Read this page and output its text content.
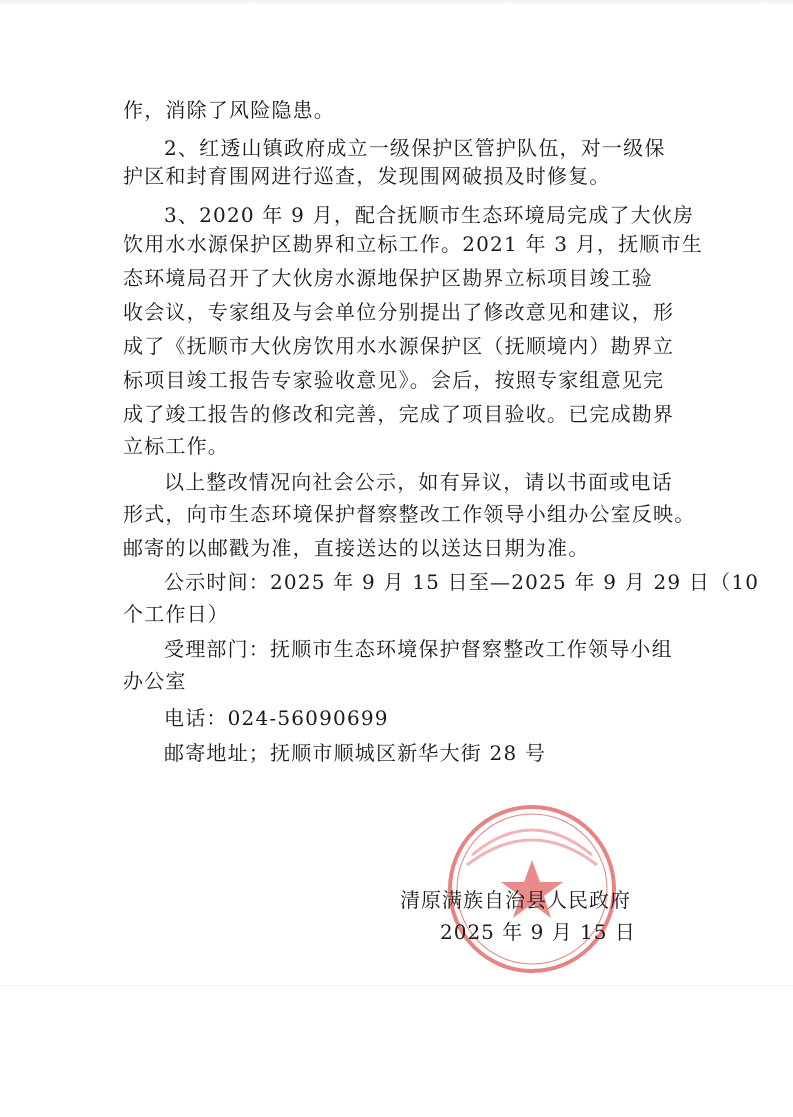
作，消除了风险隐患。
2、红透山镇政府成立一级保护区管护队伍，对一级保
护区和封育围网进行巡查，发现围网破损及时修复。
3、2020 年 9 月，配合抚顺市生态环境局完成了大伙房
饮用水水源保护区勘界和立标工作。2021 年 3 月，抚顺市生
态环境局召开了大伙房水源地保护区勘界立标项目竣工验
收会议，专家组及与会单位分别提出了修改意见和建议，形
成了《抚顺市大伙房饮用水水源保护区（抚顺境内）勘界立
标项目竣工报告专家验收意见》。会后，按照专家组意见完
成了竣工报告的修改和完善，完成了项目验收。已完成勘界
立标工作。
以上整改情况向社会公示，如有异议，请以书面或电话
形式，向市生态环境保护督察整改工作领导小组办公室反映。
邮寄的以邮戳为准，直接送达的以送达日期为准。
公示时间：2025 年 9 月 15 日至—2025 年 9 月 29 日（10
个工作日）
受理部门：抚顺市生态环境保护督察整改工作领导小组
办公室
电话：024-56090699
邮寄地址；抚顺市顺城区新华大街 28 号
清原满族自治县人民政府
2025 年 9 月 15 日
